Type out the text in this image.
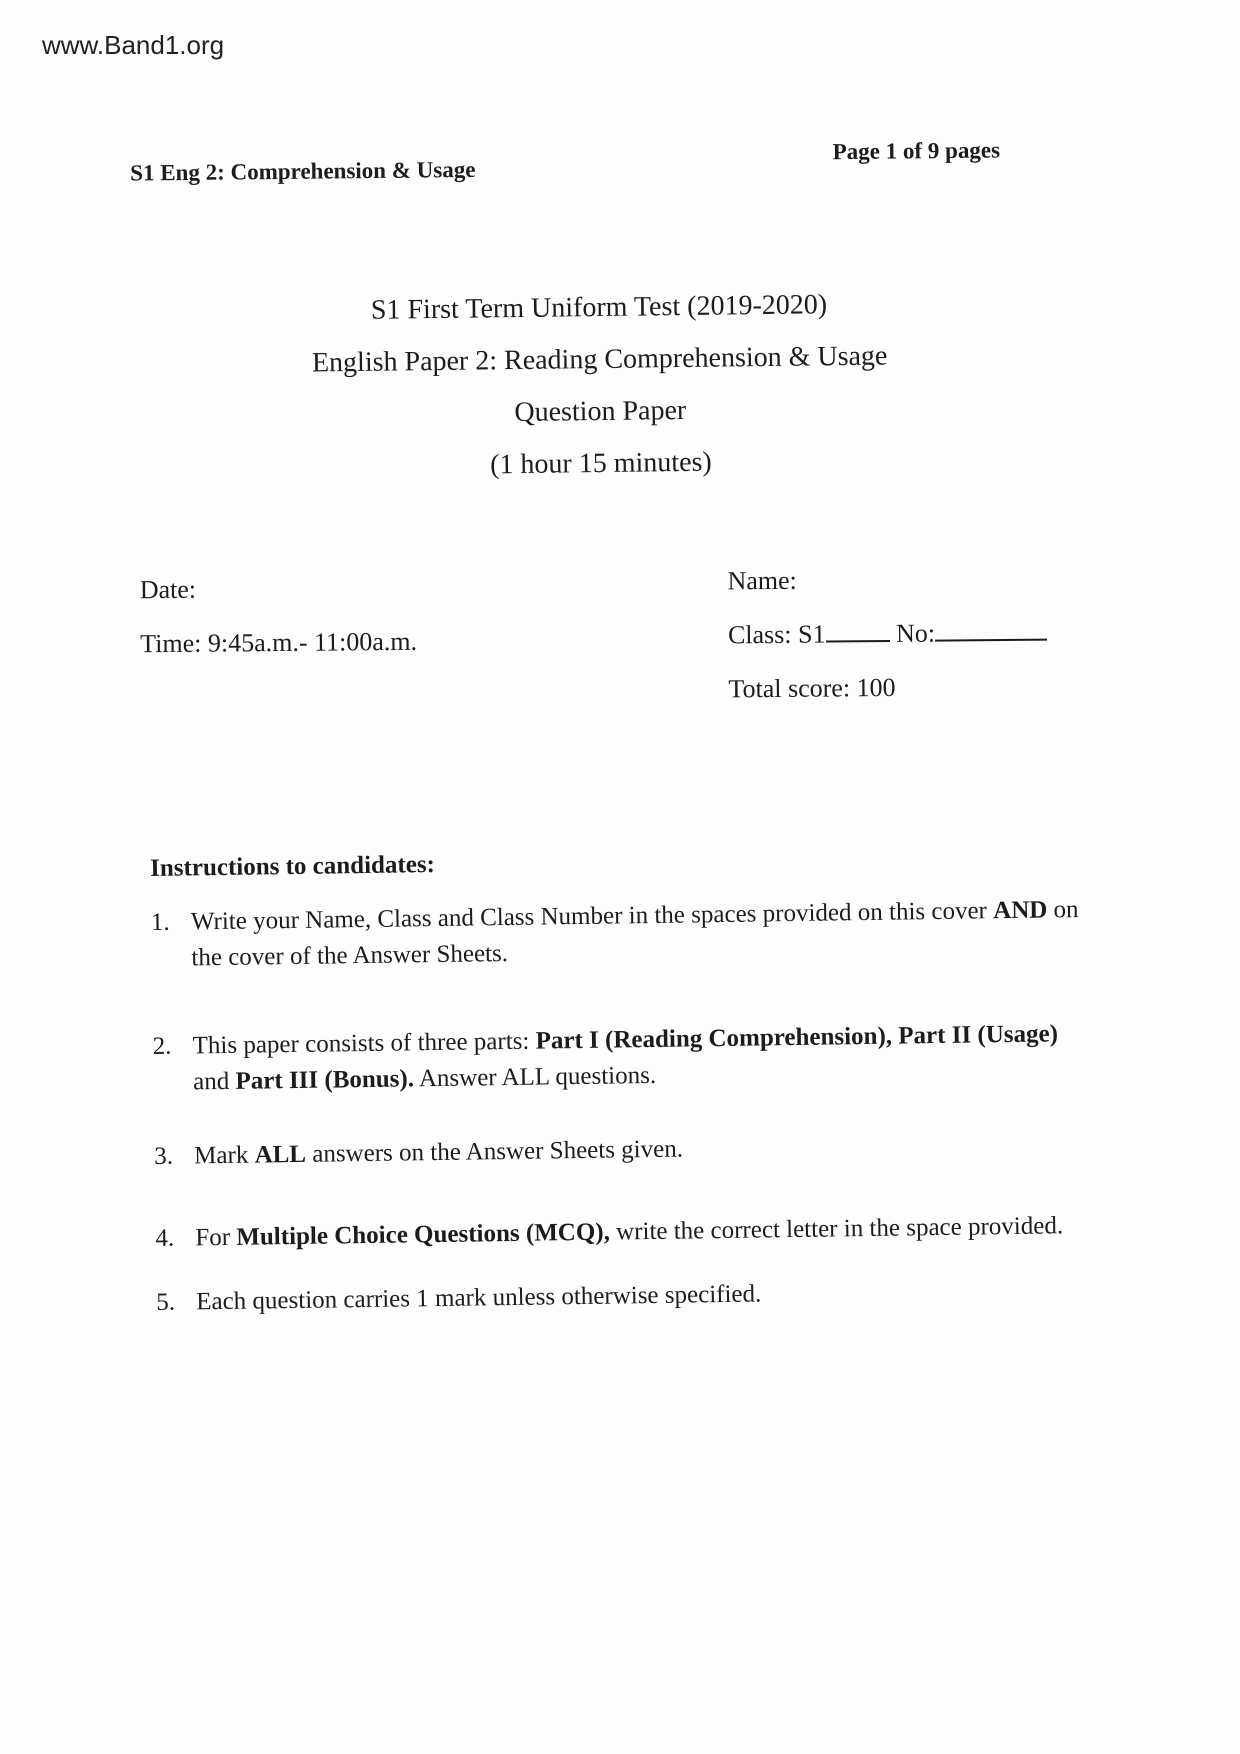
www.Band1.org
S1 Eng 2: Comprehension & Usage
Page 1 of 9 pages
S1 First Term Uniform Test (2019-2020)
English Paper 2: Reading Comprehension & Usage
Question Paper
(1 hour 15 minutes)
Date:
Time: 9:45a.m.- 11:00a.m.
Name:
Class: S1	No:
Total score: 100
Instructions to candidates:
1. Write your Name, Class and Class Number in the spaces provided on this cover AND on the cover of the Answer Sheets.
2. This paper consists of three parts: Part I (Reading Comprehension), Part II (Usage) and Part III (Bonus). Answer ALL questions.
3. Mark ALL answers on the Answer Sheets given.
4. For Multiple Choice Questions (MCQ), write the correct letter in the space provided.
5. Each question carries 1 mark unless otherwise specified.
